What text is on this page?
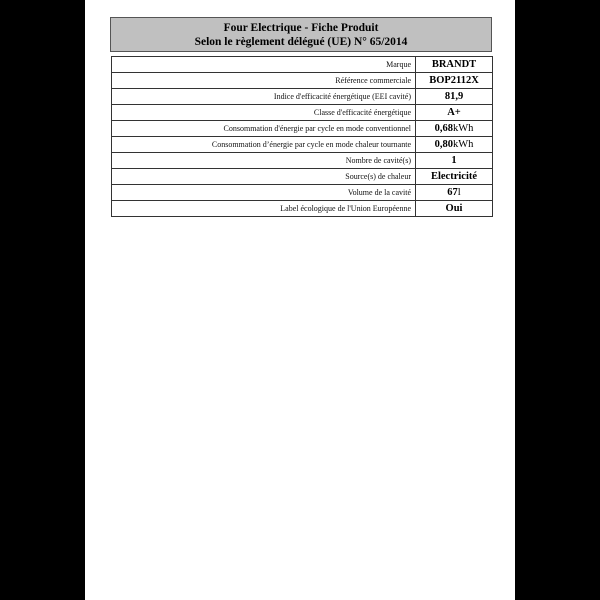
Four Electrique - Fiche Produit
Selon le règlement délégué (UE) N° 65/2014
Marque	BRANDT
Référence commerciale	BOP2112X
Indice d'efficacité énergétique (EEI cavité)	81,9
Classe d'efficacité énergétique	A+
Consommation d'énergie par cycle en mode conventionnel	0,68kWh
Consommation d’énergie par cycle en mode chaleur tournante	0,80kWh
Nombre de cavité(s)	1
Source(s) de chaleur	Electricité
Volume de la cavité	67l
Label écologique de l'Union Européenne	Oui
